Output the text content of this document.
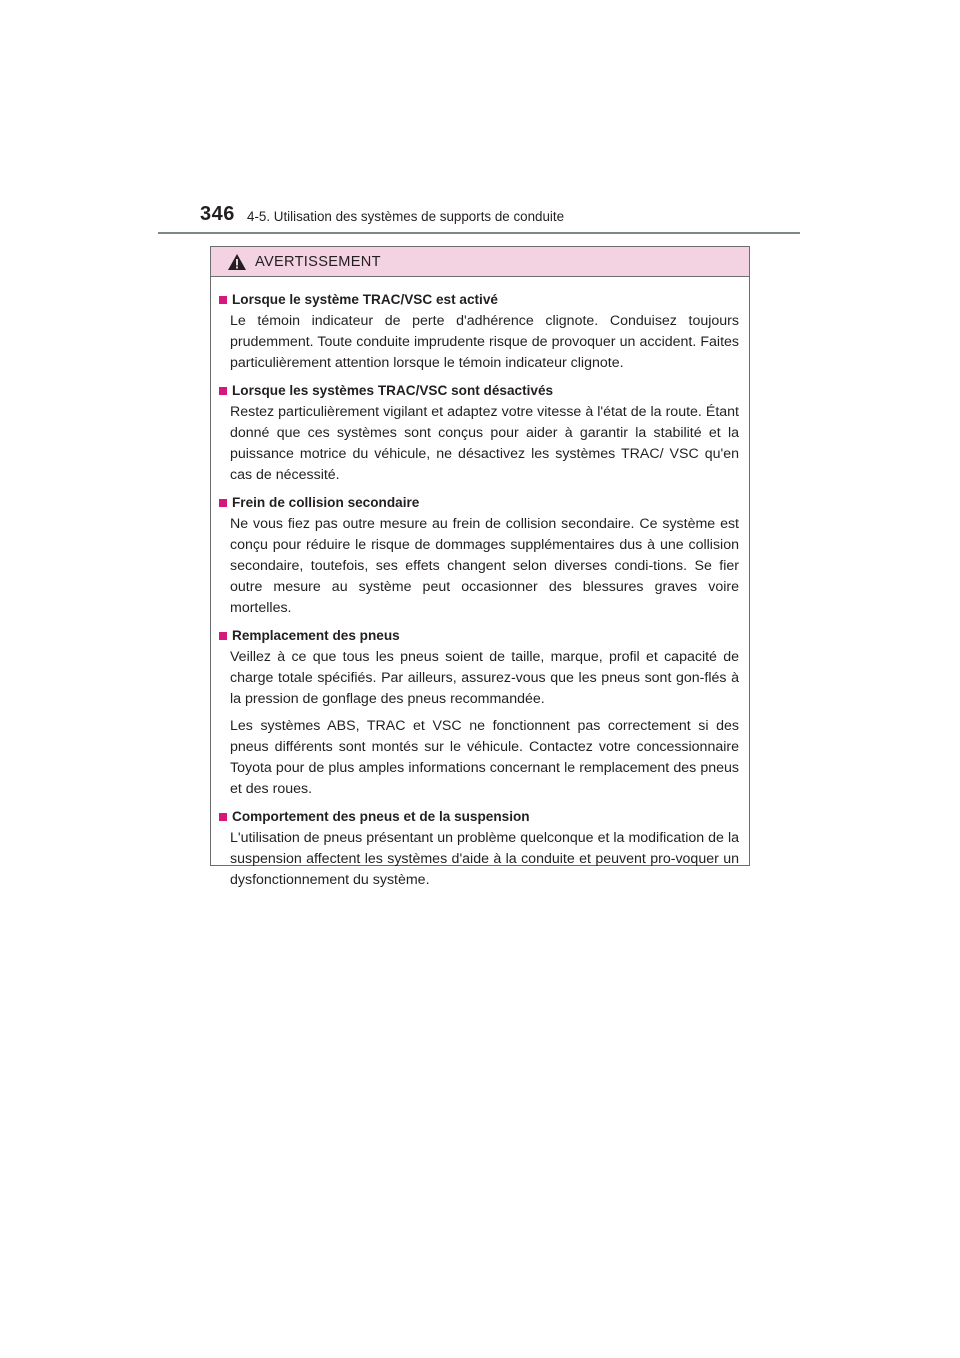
346 4-5. Utilisation des systèmes de supports de conduite
AVERTISSEMENT
Lorsque le système TRAC/VSC est activé

Le témoin indicateur de perte d'adhérence clignote. Conduisez toujours prudemment. Toute conduite imprudente risque de provoquer un accident. Faites particulièrement attention lorsque le témoin indicateur clignote.

Lorsque les systèmes TRAC/VSC sont désactivés

Restez particulièrement vigilant et adaptez votre vitesse à l'état de la route. Étant donné que ces systèmes sont conçus pour aider à garantir la stabilité et la puissance motrice du véhicule, ne désactivez les systèmes TRAC/ VSC qu'en cas de nécessité.

Frein de collision secondaire

Ne vous fiez pas outre mesure au frein de collision secondaire. Ce système est conçu pour réduire le risque de dommages supplémentaires dus à une collision secondaire, toutefois, ses effets changent selon diverses condi-tions. Se fier outre mesure au système peut occasionner des blessures graves voire mortelles.

Remplacement des pneus

Veillez à ce que tous les pneus soient de taille, marque, profil et capacité de charge totale spécifiés. Par ailleurs, assurez-vous que les pneus sont gon-flés à la pression de gonflage des pneus recommandée.

Les systèmes ABS, TRAC et VSC ne fonctionnent pas correctement si des pneus différents sont montés sur le véhicule. Contactez votre concessionnaire Toyota pour de plus amples informations concernant le remplacement des pneus et des roues.

Comportement des pneus et de la suspension

L'utilisation de pneus présentant un problème quelconque et la modification de la suspension affectent les systèmes d'aide à la conduite et peuvent pro-voquer un dysfonctionnement du système.
